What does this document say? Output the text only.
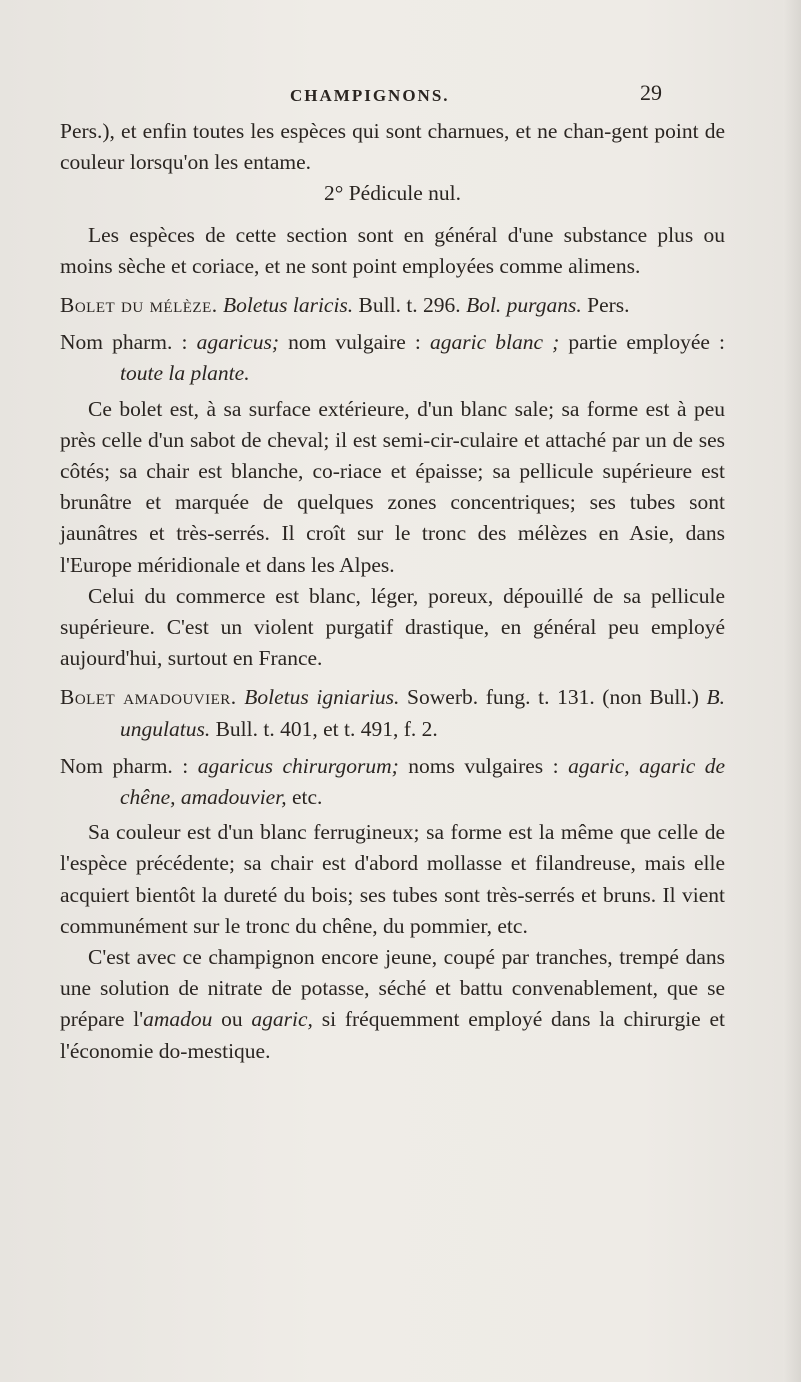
CHAMPIGNONS.	29

Pers.), et enfin toutes les espèces qui sont charnues, et ne chan-gent point de couleur lorsqu'on les entame.

2° Pédicule nul.

Les espèces de cette section sont en général d'une substance plus ou moins sèche et coriace, et ne sont point employées comme alimens.

Bolet du mélèze. Boletus laricis. Bull. t. 296. Bol. purgans. Pers.

Nom pharm. : agaricus; nom vulgaire : agaric blanc ; partie employée : toute la plante.

Ce bolet est, à sa surface extérieure, d'un blanc sale; sa forme est à peu près celle d'un sabot de cheval; il est semi-cir-culaire et attaché par un de ses côtés; sa chair est blanche, co-riace et épaisse; sa pellicule supérieure est brunâtre et marquée de quelques zones concentriques; ses tubes sont jaunâtres et très-serrés. Il croît sur le tronc des mélèzes en Asie, dans l'Europe méridionale et dans les Alpes.

Celui du commerce est blanc, léger, poreux, dépouillé de sa pellicule supérieure. C'est un violent purgatif drastique, en général peu employé aujourd'hui, surtout en France.

Bolet amadouvier. Boletus igniarius. Sowerb. fung. t. 131. (non Bull.) B. ungulatus. Bull. t. 401, et t. 491, f. 2.

Nom pharm. : agaricus chirurgorum; noms vulgaires : agaric, agaric de chêne, amadouvier, etc.

Sa couleur est d'un blanc ferrugineux; sa forme est la même que celle de l'espèce précédente; sa chair est d'abord mollasse et filandreuse, mais elle acquiert bientôt la dureté du bois; ses tubes sont très-serrés et bruns. Il vient communément sur le tronc du chêne, du pommier, etc.

C'est avec ce champignon encore jeune, coupé par tranches, trempé dans une solution de nitrate de potasse, séché et battu convenablement, que se prépare l'amadou ou agaric, si fréquemment employé dans la chirurgie et l'économie do-mestique.
